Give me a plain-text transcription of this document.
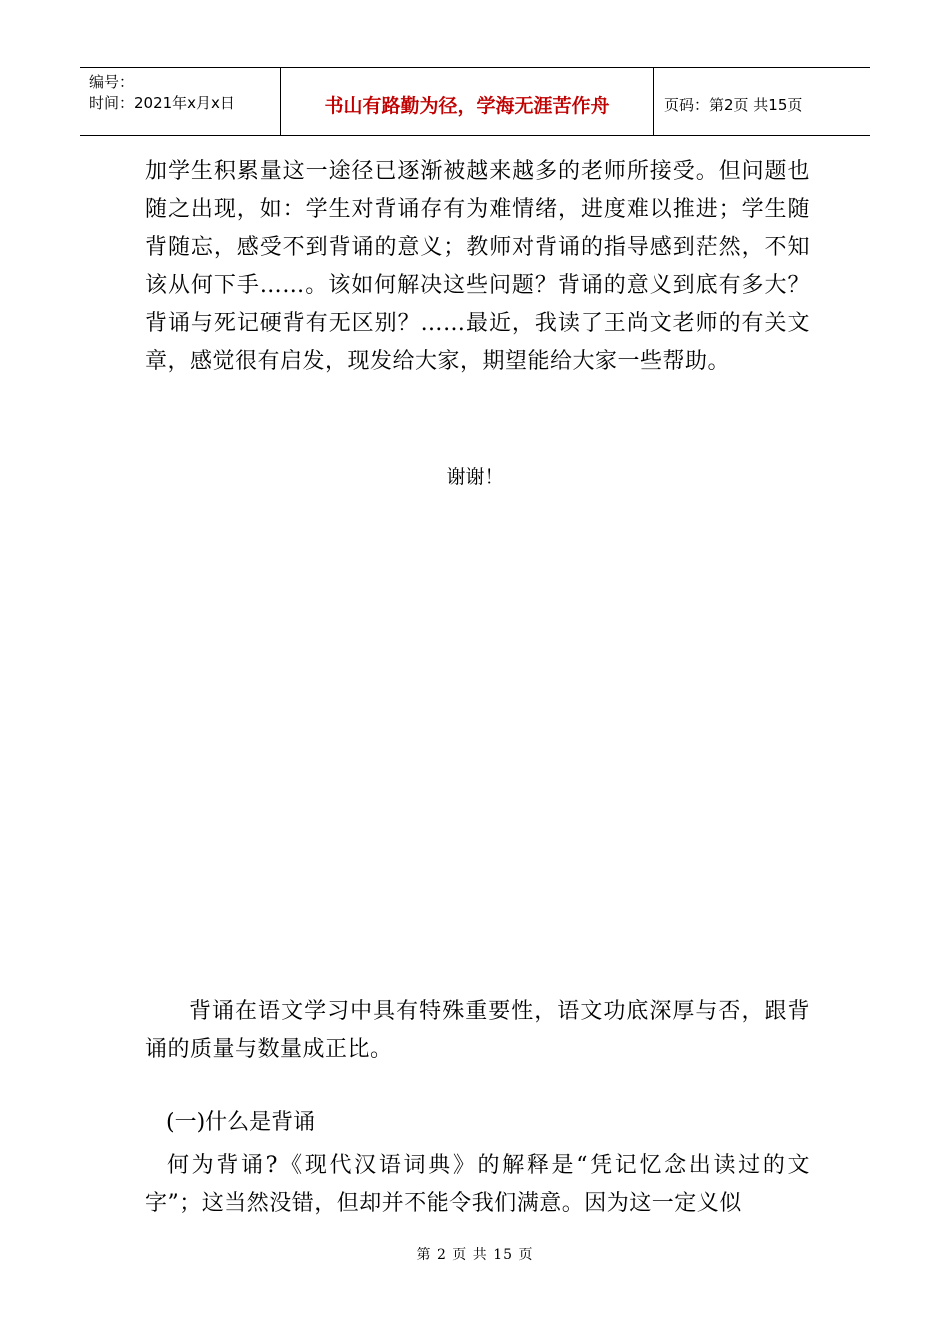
编号：
时间：2021年x月x日	书山有路勤为径，学海无涯苦作舟	页码：第2页 共15页

加学生积累量这一途径已逐渐被越来越多的老师所接受。但问题也随之出现，如：学生对背诵存有为难情绪，进度难以推进；学生随背随忘，感受不到背诵的意义；教师对背诵的指导感到茫然，不知该从何下手……。该如何解决这些问题？背诵的意义到底有多大？背诵与死记硬背有无区别？……最近，我读了王尚文老师的有关文章，感觉很有启发，现发给大家，期望能给大家一些帮助。

谢谢！

背诵在语文学习中具有特殊重要性，语文功底深厚与否，跟背诵的质量与数量成正比。

(一)什么是背诵

何为背诵?《现代汉语词典》的解释是“凭记忆念出读过的文字”；这当然没错，但却并不能令我们满意。因为这一定义似

第 2 页 共 15 页
